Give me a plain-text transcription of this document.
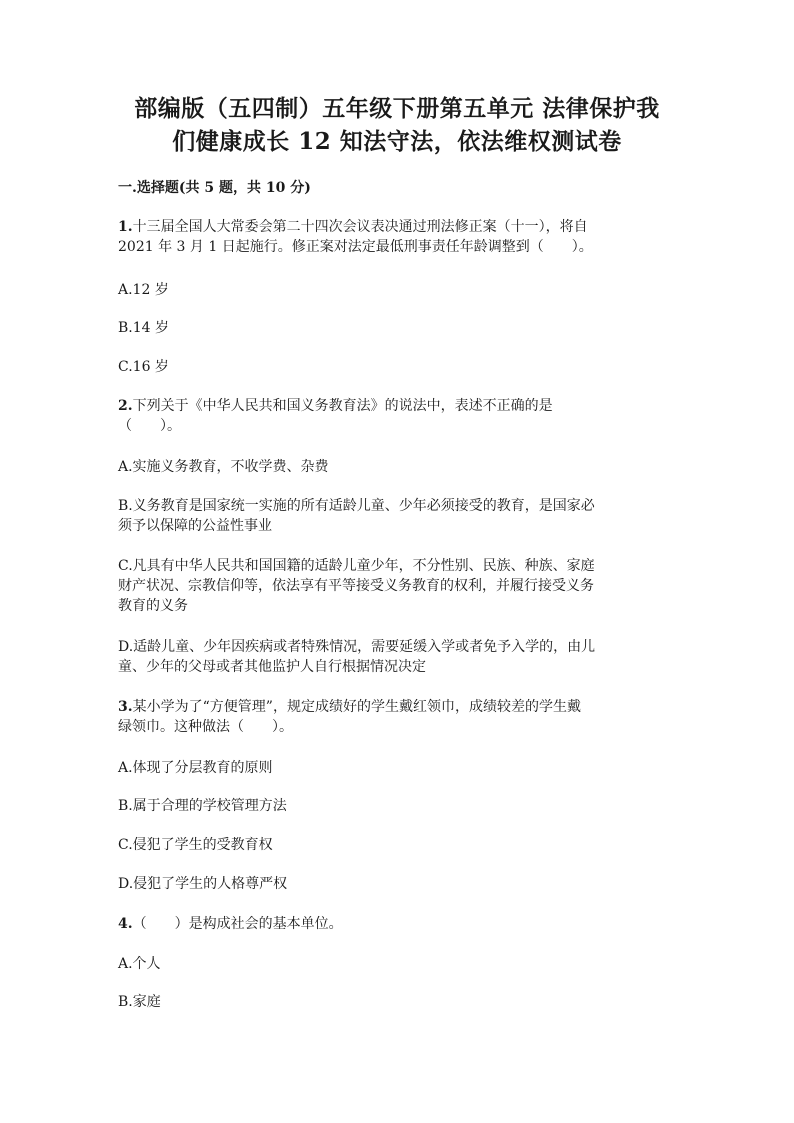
部编版（五四制）五年级下册第五单元 法律保护我
们健康成长 12 知法守法，依法维权测试卷
一.选择题(共 5 题，共 10 分)
1.十三届全国人大常委会第二十四次会议表决通过刑法修正案（十一），将自
2021 年 3 月 1 日起施行。修正案对法定最低刑事责任年龄调整到（　　）。
A.12 岁
B.14 岁
C.16 岁
2.下列关于《中华人民共和国义务教育法》的说法中，表述不正确的是
（　　）。
A.实施义务教育，不收学费、杂费
B.义务教育是国家统一实施的所有适龄儿童、少年必须接受的教育，是国家必
须予以保障的公益性事业
C.凡具有中华人民共和国国籍的适龄儿童少年，不分性别、民族、种族、家庭
财产状况、宗教信仰等，依法享有平等接受义务教育的权利，并履行接受义务
教育的义务
D.适龄儿童、少年因疾病或者特殊情况，需要延缓入学或者免予入学的，由儿
童、少年的父母或者其他监护人自行根据情况决定
3.某小学为了“方便管理”，规定成绩好的学生戴红领巾，成绩较差的学生戴
绿领巾。这种做法（　　）。
A.体现了分层教育的原则
B.属于合理的学校管理方法
C.侵犯了学生的受教育权
D.侵犯了学生的人格尊严权
4.（　　）是构成社会的基本单位。
A.个人
B.家庭
